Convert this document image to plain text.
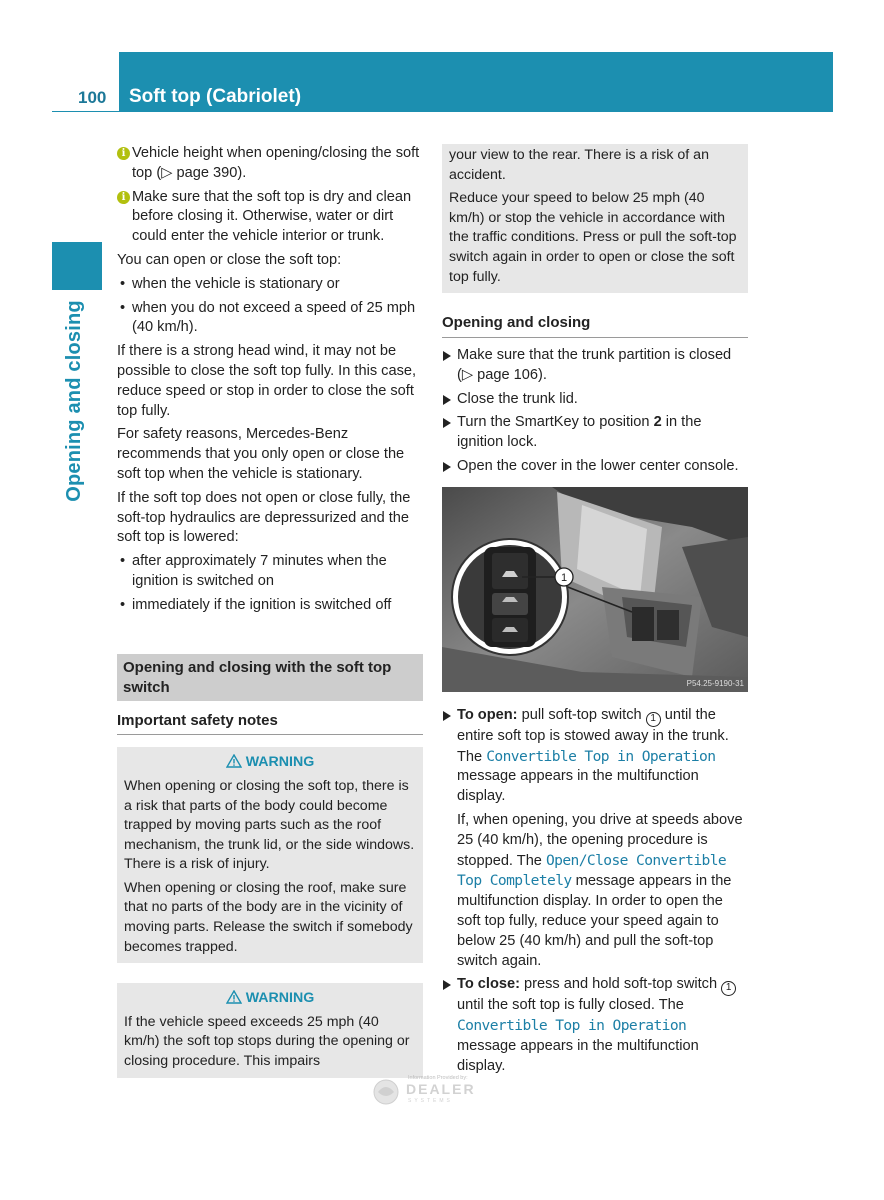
100 Soft top (Cabriolet)
Opening and closing
i Vehicle height when opening/closing the soft top (▷ page 390).
i Make sure that the soft top is dry and clean before closing it. Otherwise, water or dirt could enter the vehicle interior or trunk.

You can open or close the soft top:

• when the vehicle is stationary or
• when you do not exceed a speed of 25 mph (40 km/h).

If there is a strong head wind, it may not be possible to close the soft top fully. In this case, reduce speed or stop in order to close the soft top fully.

For safety reasons, Mercedes-Benz recommends that you only open or close the soft top when the vehicle is stationary.

If the soft top does not open or close fully, the soft-top hydraulics are depressurized and the soft top is lowered:

• after approximately 7 minutes when the ignition is switched on
• immediately if the ignition is switched off
Opening and closing with the soft top switch
Important safety notes
WARNING

When opening or closing the soft top, there is a risk that parts of the body could become trapped by moving parts such as the roof mechanism, the trunk lid, or the side windows. There is a risk of injury.

When opening or closing the roof, make sure that no parts of the body are in the vicinity of moving parts. Release the switch if somebody becomes trapped.

WARNING

If the vehicle speed exceeds 25 mph (40 km/h) the soft top stops during the opening or closing procedure. This impairs

your view to the rear. There is a risk of an accident.

Reduce your speed to below 25 mph (40 km/h) or stop the vehicle in accordance with the traffic conditions. Press or pull the soft-top switch again in order to open or close the soft top fully.

Opening and closing
Make sure that the trunk partition is closed (▷ page 106).
Close the trunk lid.
Turn the SmartKey to position 2 in the ignition lock.
Open the cover in the lower center console.
1
P54.25-9190-31
To open: pull soft-top switch 1 until the entire soft top is stowed away in the trunk. The Convertible Top in Operation message appears in the multifunction display.
If, when opening, you drive at speeds above 25 (40 km/h), the opening procedure is stopped. The Open/Close Convertible Top Completely message appears in the multifunction display. In order to open the soft top fully, reduce your speed again to below 25 (40 km/h) and pull the soft-top switch again.
To close: press and hold soft-top switch 1 until the soft top is fully closed. The Convertible Top in Operation message appears in the multifunction display.
Information Provided by:
DEALER
SYSTEMS
